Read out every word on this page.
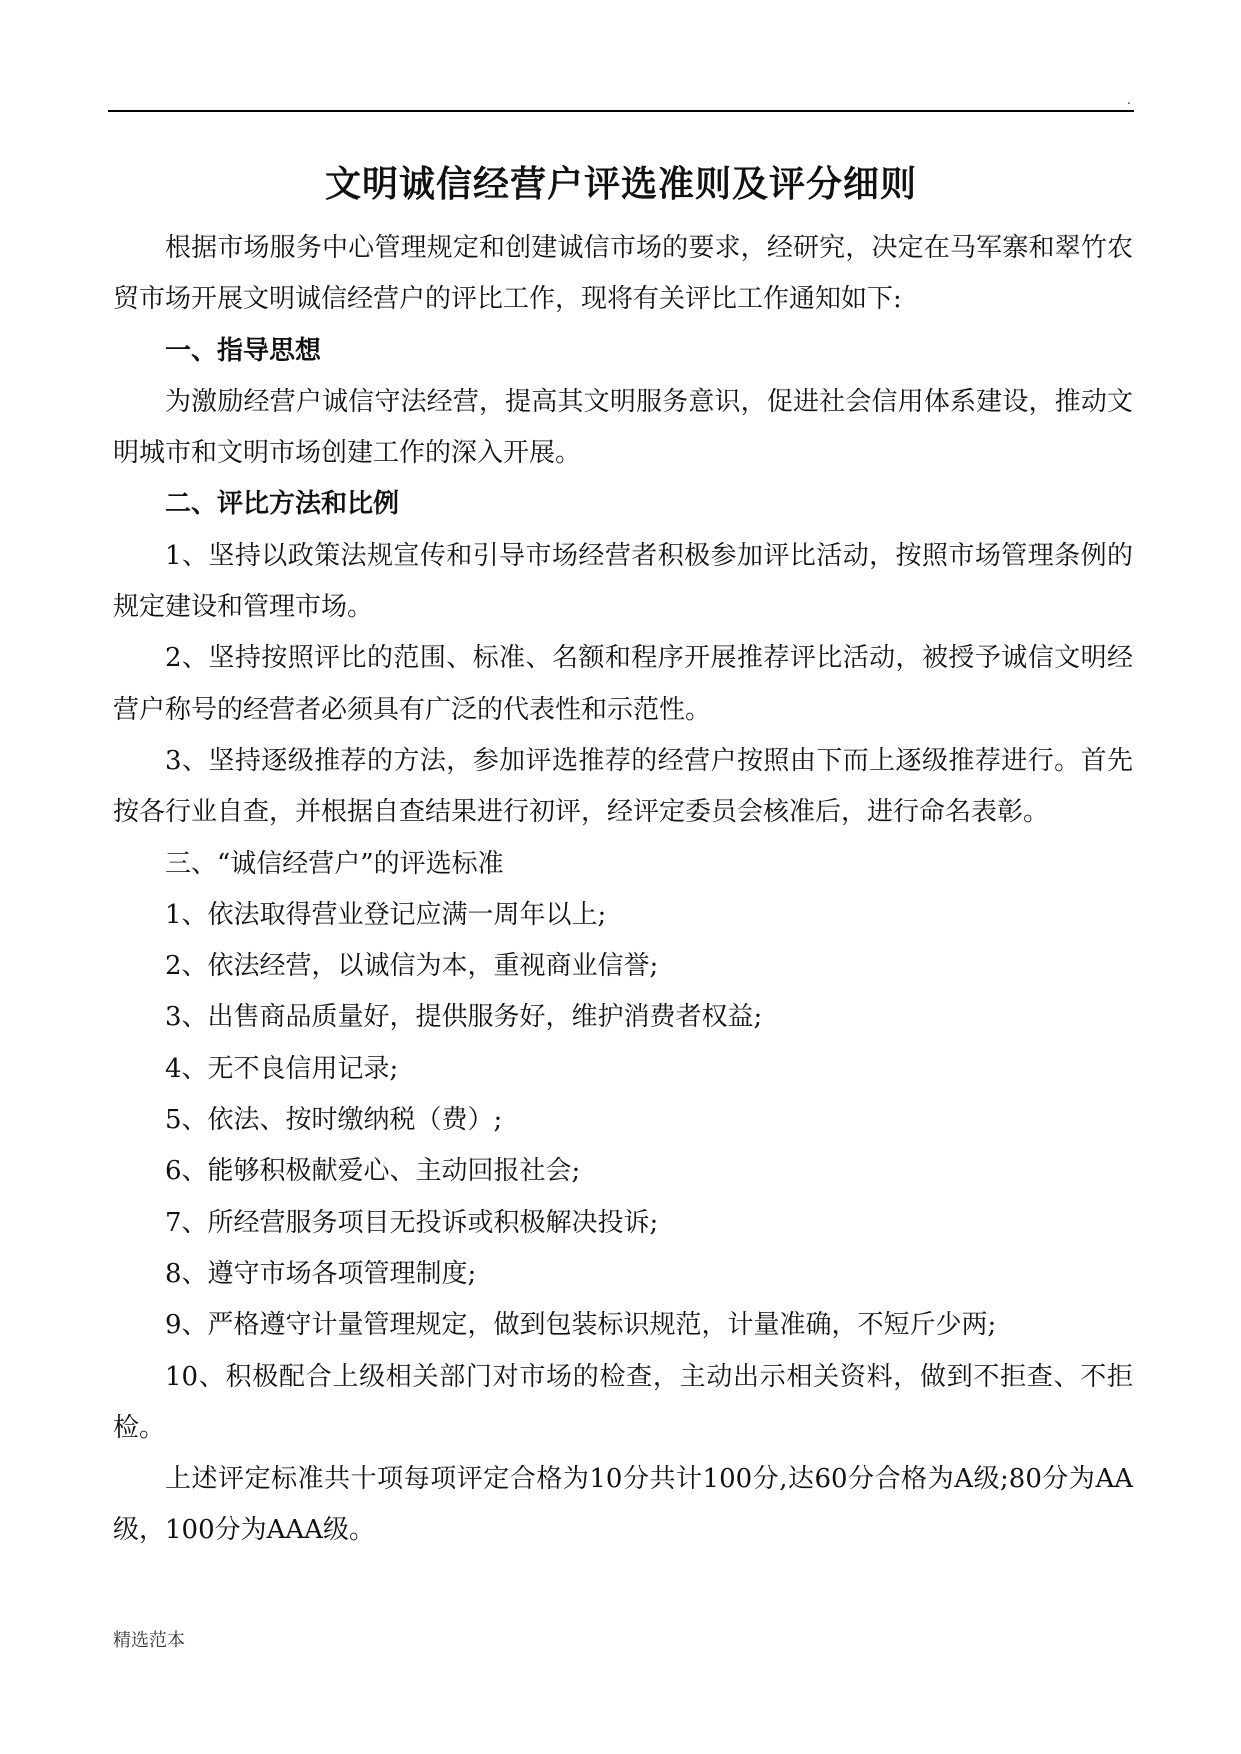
.
文明诚信经营户评选准则及评分细则

根据市场服务中心管理规定和创建诚信市场的要求，经研究，决定在马军寨和翠竹农贸市场开展文明诚信经营户的评比工作，现将有关评比工作通知如下:

一、指导思想

为激励经营户诚信守法经营，提高其文明服务意识，促进社会信用体系建设，推动文明城市和文明市场创建工作的深入开展。

二、评比方法和比例

1、坚持以政策法规宣传和引导市场经营者积极参加评比活动，按照市场管理条例的规定建设和管理市场。

2、坚持按照评比的范围、标准、名额和程序开展推荐评比活动，被授予诚信文明经营户称号的经营者必须具有广泛的代表性和示范性。

3、坚持逐级推荐的方法，参加评选推荐的经营户按照由下而上逐级推荐进行。首先按各行业自查，并根据自查结果进行初评，经评定委员会核准后，进行命名表彰。

三、“诚信经营户”的评选标准

1、依法取得营业登记应满一周年以上;

2、依法经营，以诚信为本，重视商业信誉;

3、出售商品质量好，提供服务好，维护消费者权益;

4、无不良信用记录;

5、依法、按时缴纳税（费）;

6、能够积极献爱心、主动回报社会;

7、所经营服务项目无投诉或积极解决投诉;

8、遵守市场各项管理制度;

9、严格遵守计量管理规定，做到包装标识规范，计量准确，不短斤少两;

10、积极配合上级相关部门对市场的检查，主动出示相关资料，做到不拒查、不拒检。

上述评定标准共十项每项评定合格为10分共计100分,达60分合格为A级;80分为AA级，100分为AAA级。

精选范本
